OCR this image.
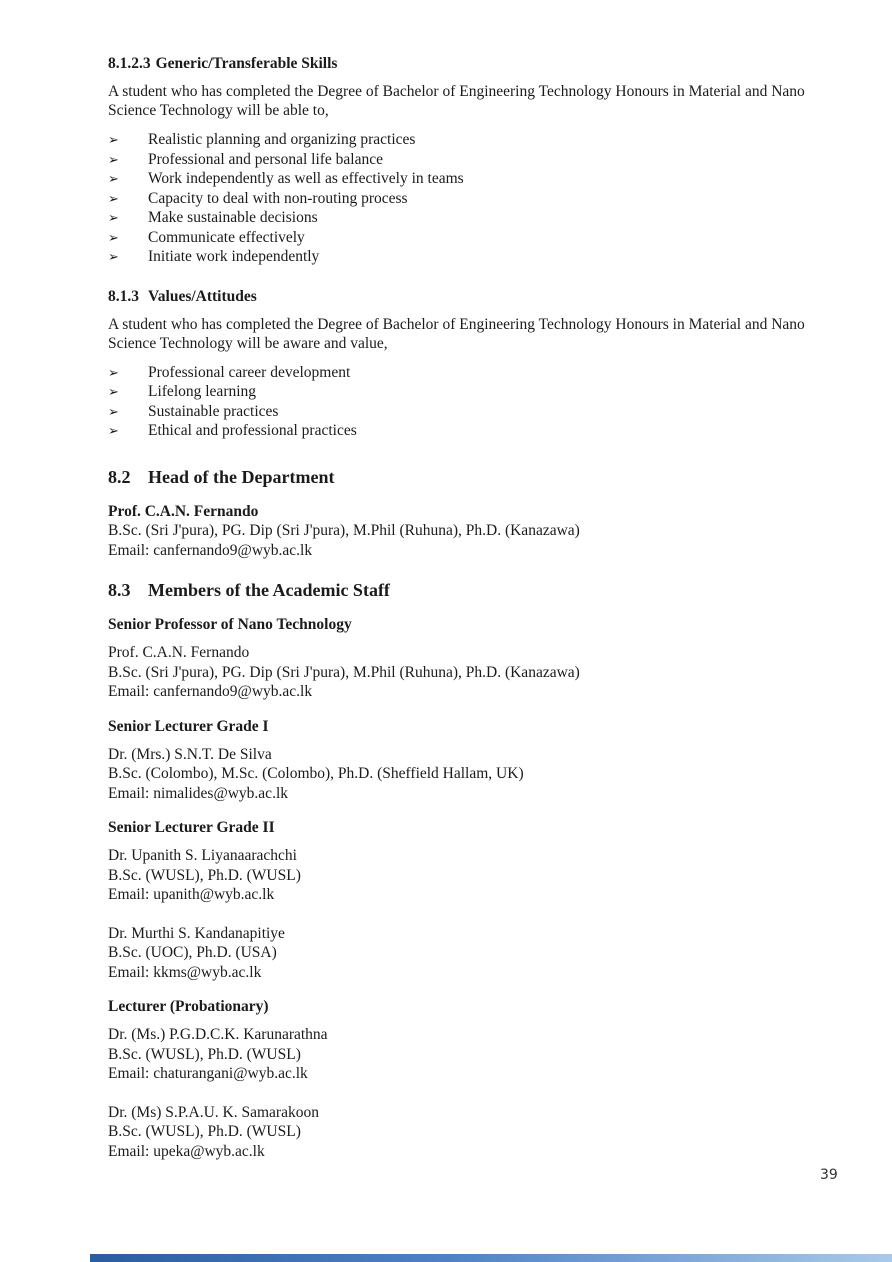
8.1.2.3 Generic/Transferable Skills

A student who has completed the Degree of Bachelor of Engineering Technology Honours in Material and Nano Science Technology will be able to,

➢	Realistic planning and organizing practices
➢	Professional and personal life balance
➢	Work independently as well as effectively in teams
➢	Capacity to deal with non-routing process
➢	Make sustainable decisions
➢	Communicate effectively
➢	Initiate work independently
8.1.3 Values/Attitudes

A student who has completed the Degree of Bachelor of Engineering Technology Honours in Material and Nano Science Technology will be aware and value,

➢	Professional career development
➢	Lifelong learning
➢	Sustainable practices
➢	Ethical and professional practices
8.2 Head of the Department
Prof. C.A.N. Fernando
B.Sc. (Sri J'pura), PG. Dip (Sri J'pura), M.Phil (Ruhuna), Ph.D. (Kanazawa)
Email: canfernando9@wyb.ac.lk
8.3 Members of the Academic Staff
Senior Professor of Nano Technology
Prof. C.A.N. Fernando
B.Sc. (Sri J'pura), PG. Dip (Sri J'pura), M.Phil (Ruhuna), Ph.D. (Kanazawa)
Email: canfernando9@wyb.ac.lk
Senior Lecturer Grade I
Dr. (Mrs.) S.N.T. De Silva
B.Sc. (Colombo), M.Sc. (Colombo), Ph.D. (Sheffield Hallam, UK)
Email: nimalides@wyb.ac.lk
Senior Lecturer Grade II
Dr. Upanith S. Liyanaarachchi
B.Sc. (WUSL), Ph.D. (WUSL)
Email: upanith@wyb.ac.lk
Dr. Murthi S. Kandanapitiye
B.Sc. (UOC), Ph.D. (USA)
Email: kkms@wyb.ac.lk
Lecturer (Probationary)
Dr. (Ms.) P.G.D.C.K. Karunarathna
B.Sc. (WUSL), Ph.D. (WUSL)
Email: chaturangani@wyb.ac.lk
Dr. (Ms) S.P.A.U. K. Samarakoon
B.Sc. (WUSL), Ph.D. (WUSL)
Email: upeka@wyb.ac.lk
39
